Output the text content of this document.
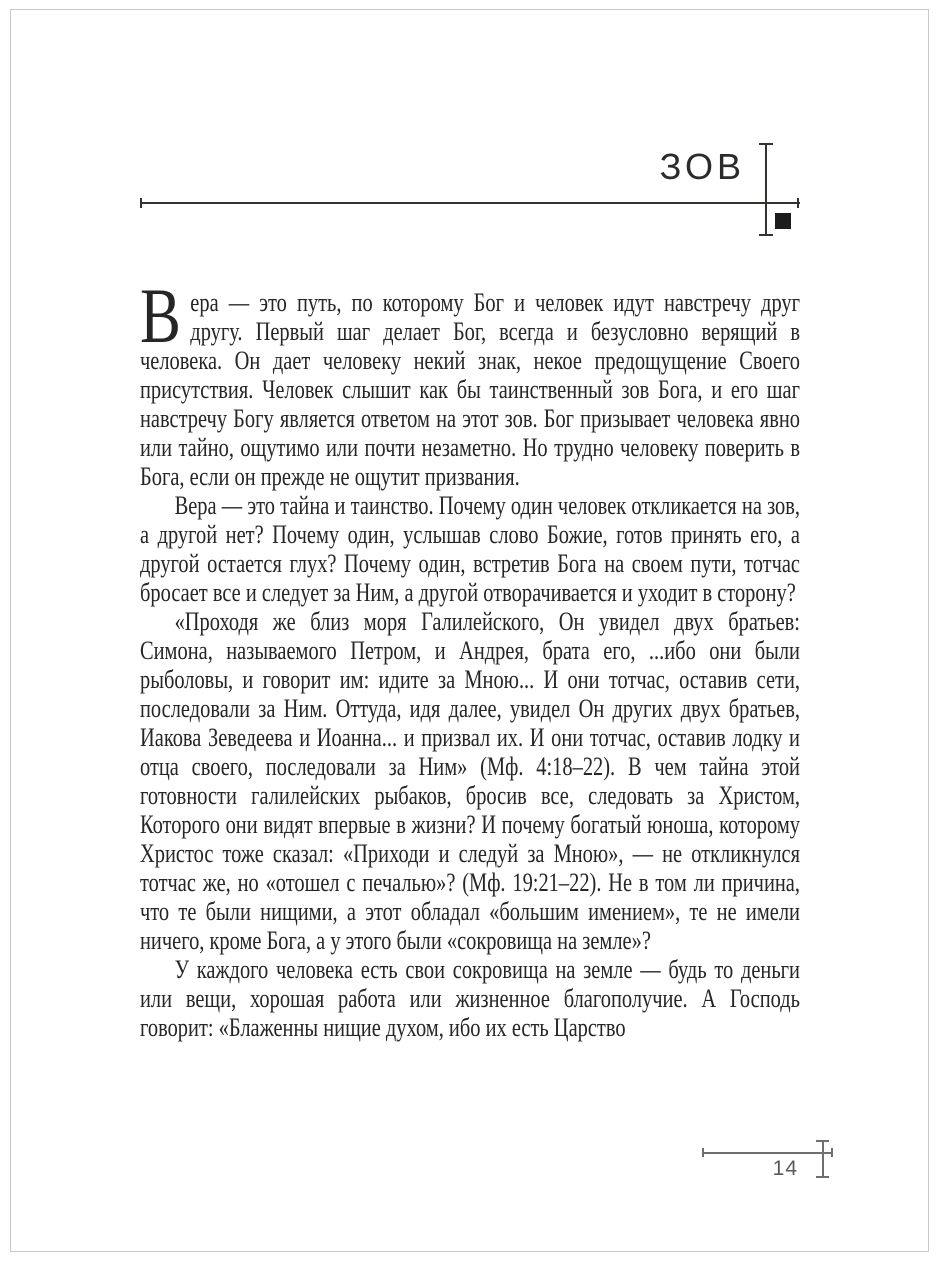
ЗОВ

Вера — это путь, по которому Бог и человек идут навстречу друг другу. Первый шаг делает Бог, всегда и безусловно верящий в человека. Он дает человеку некий знак, некое предощущение Своего присутствия. Человек слышит как бы таинственный зов Бога, и его шаг навстречу Богу является ответом на этот зов. Бог призывает человека явно или тайно, ощутимо или почти незаметно. Но трудно человеку поверить в Бога, если он прежде не ощутит призвания.

Вера — это тайна и таинство. Почему один человек откликается на зов, а другой нет? Почему один, услышав слово Божие, готов принять его, а другой остается глух? Почему один, встретив Бога на своем пути, тотчас бросает все и следует за Ним, а другой отворачивается и уходит в сторону?

«Проходя же близ моря Галилейского, Он увидел двух братьев: Симона, называемого Петром, и Андрея, брата его, ...ибо они были рыболовы, и говорит им: идите за Мною... И они тотчас, оставив сети, последовали за Ним. Оттуда, идя далее, увидел Он других двух братьев, Иакова Зеведеева и Иоанна... и призвал их. И они тотчас, оставив лодку и отца своего, последовали за Ним» (Мф. 4:18–22). В чем тайна этой готовности галилейских рыбаков, бросив все, следовать за Христом, Которого они видят впервые в жизни? И почему богатый юноша, которому Христос тоже сказал: «Приходи и следуй за Мною», — не откликнулся тотчас же, но «отошел с печалью»? (Мф. 19:21–22). Не в том ли причина, что те были нищими, а этот обладал «большим имением», те не имели ничего, кроме Бога, а у этого были «сокровища на земле»?

У каждого человека есть свои сокровища на земле — будь то деньги или вещи, хорошая работа или жизненное благополучие. А Господь говорит: «Блаженны нищие духом, ибо их есть Царство

14
